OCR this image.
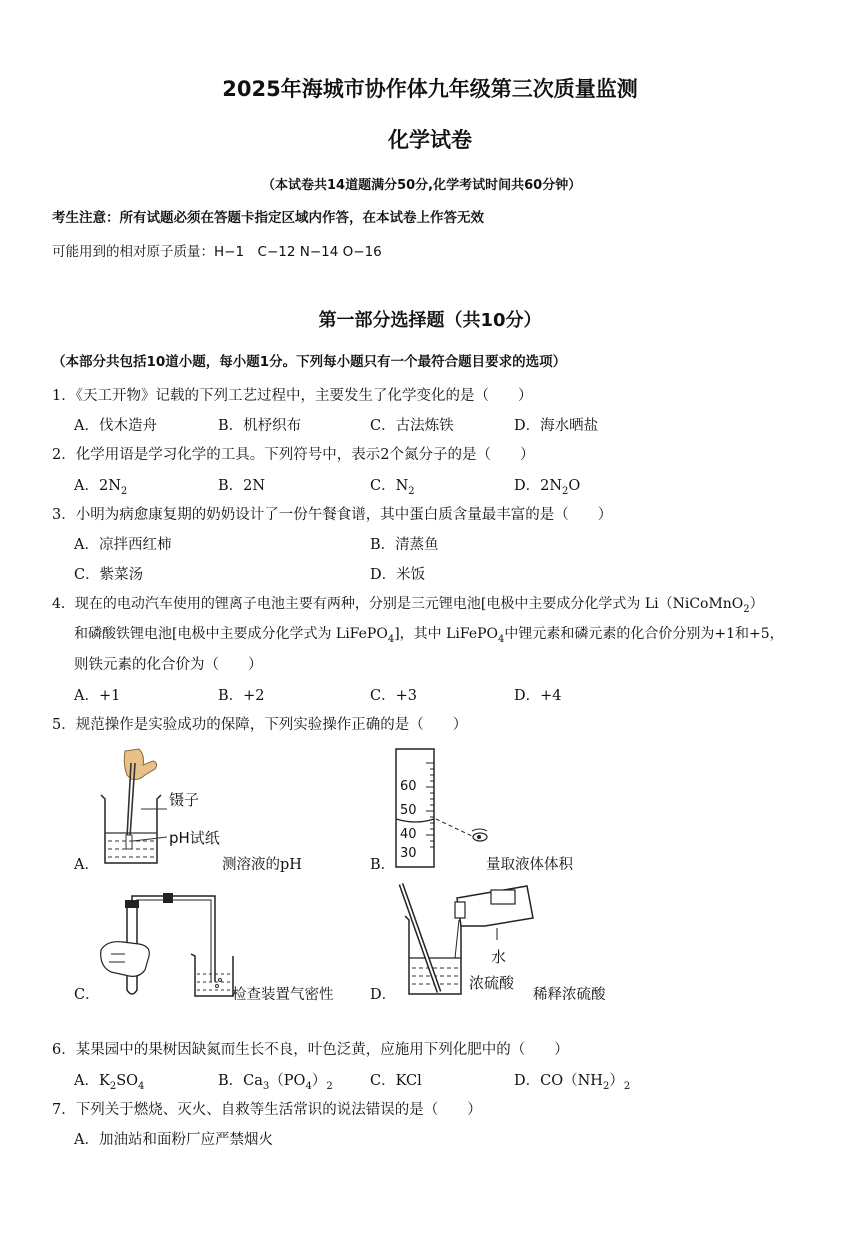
2025年海城市协作体九年级第三次质量监测
化学试卷
（本试卷共14道题满分50分,化学考试时间共60分钟）
考生注意：所有试题必须在答题卡指定区域内作答，在本试卷上作答无效
可能用到的相对原子质量：H−1　C−12 N−14 O−16
第一部分选择题（共10分）
（本部分共包括10道小题，每小题1分。下列每小题只有一个最符合题目要求的选项）
1．《天工开物》记载的下列工艺过程中，主要发生了化学变化的是（　　）
A．伐木造舟	B．机杼织布	C．古法炼铁	D．海水晒盐
2．化学用语是学习化学的工具。下列符号中，表示2个氮分子的是（　　）
A．$2N_2$	B．2N	C．$N_2$	D．$2N_2O$
3．小明为病愈康复期的奶奶设计了一份午餐食谱，其中蛋白质含量最丰富的是（　　）
A．凉拌西红柿	B．清蒸鱼
C．紫菜汤	D．米饭
4．现在的电动汽车使用的锂离子电池主要有两种，分别是三元锂电池[电极中主要成分化学式为 Li（NiCoMnO$_2$）
和磷酸铁锂电池[电极中主要成分化学式为 LiFePO$_4$]，其中 LiFePO$_4$中锂元素和磷元素的化合价分别为+1和+5，
则铁元素的化合价为（　　）
A．+1	B．+2	C．+3	D．+4
5．规范操作是实验成功的保障，下列实验操作正确的是（　　）
A．
镊子
pH试纸
测溶液的pH	B．
60
50
40
30
量取液体体积
C．	检查装置气密性	D．
水
浓硫酸
稀释浓硫酸
6．某果园中的果树因缺氮而生长不良，叶色泛黄，应施用下列化肥中的（　　）
A．$K_2SO_4$	B．$Ca_3(PO_4)_2$	C．KCl	D．$CO(NH_2)_2$
7．下列关于燃烧、灭火、自救等生活常识的说法错误的是（　　）
A．加油站和面粉厂应严禁烟火
